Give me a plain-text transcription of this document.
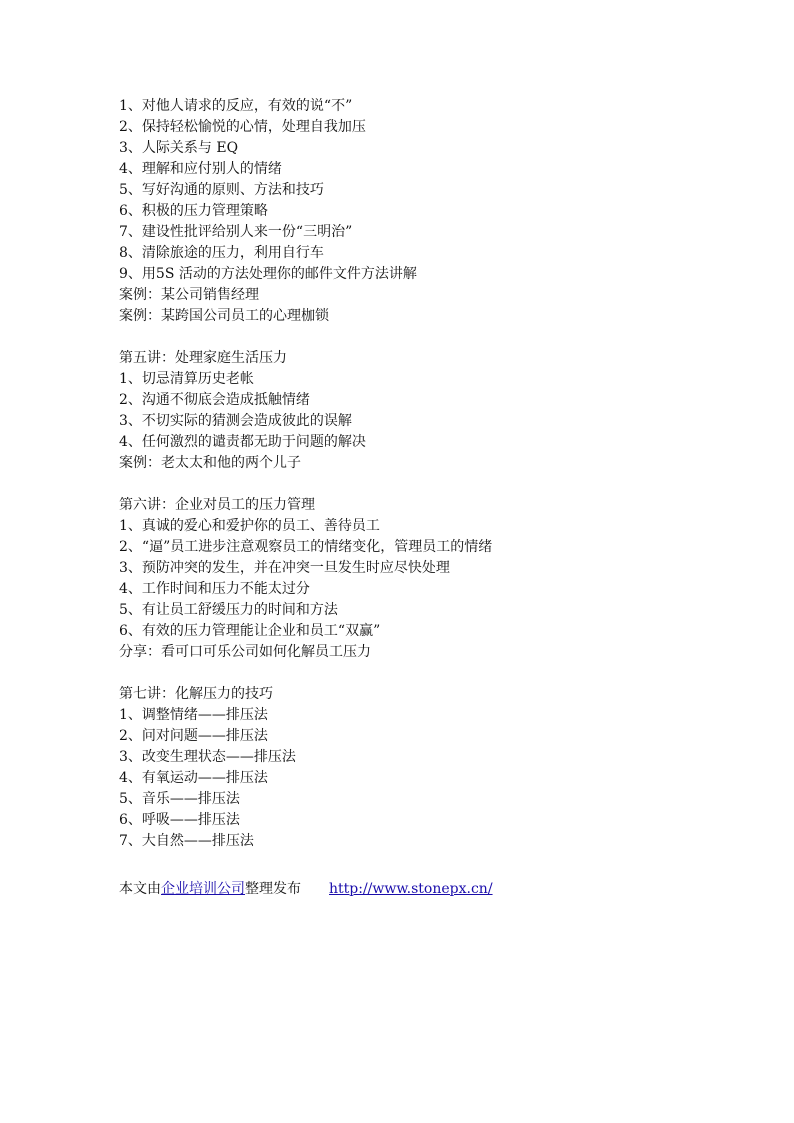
1、对他人请求的反应，有效的说“不”
2、保持轻松愉悦的心情，处理自我加压
3、人际关系与 EQ
4、理解和应付别人的情绪
5、写好沟通的原则、方法和技巧
6、积极的压力管理策略
7、建设性批评给别人来一份“三明治”
8、清除旅途的压力，利用自行车
9、用5S 活动的方法处理你的邮件文件方法讲解
案例：某公司销售经理
案例：某跨国公司员工的心理枷锁
第五讲：处理家庭生活压力
1、切忌清算历史老帐
2、沟通不彻底会造成抵触情绪
3、不切实际的猜测会造成彼此的误解
4、任何激烈的谴责都无助于问题的解决
案例：老太太和他的两个儿子
第六讲：企业对员工的压力管理
1、真诚的爱心和爱护你的员工、善待员工
2、“逼”员工进步注意观察员工的情绪变化，管理员工的情绪
3、预防冲突的发生，并在冲突一旦发生时应尽快处理
4、工作时间和压力不能太过分
5、有让员工舒缓压力的时间和方法
6、有效的压力管理能让企业和员工“双赢”
分享：看可口可乐公司如何化解员工压力
第七讲：化解压力的技巧
1、调整情绪——排压法
2、问对问题——排压法
3、改变生理状态——排压法
4、有氧运动——排压法
5、音乐——排压法
6、呼吸——排压法
7、大自然——排压法
本文由企业培训公司整理发布 http://www.stonepx.cn/
